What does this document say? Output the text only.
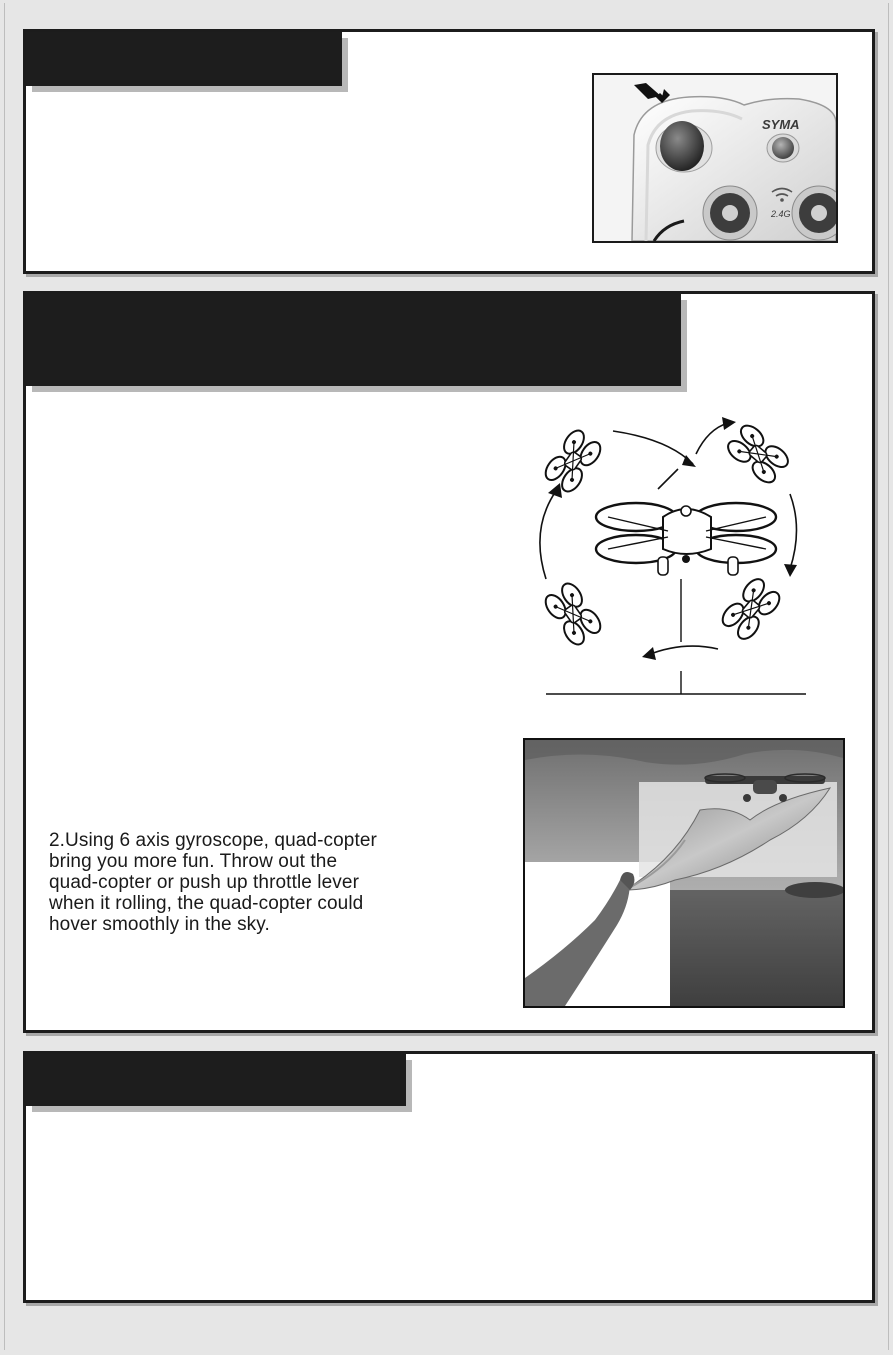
SYMA
2.4G

2.Using 6 axis gyroscope, quad-copter
bring you more fun. Throw out the
quad-copter or push up throttle lever
when it rolling, the quad-copter could
hover smoothly in the sky.
